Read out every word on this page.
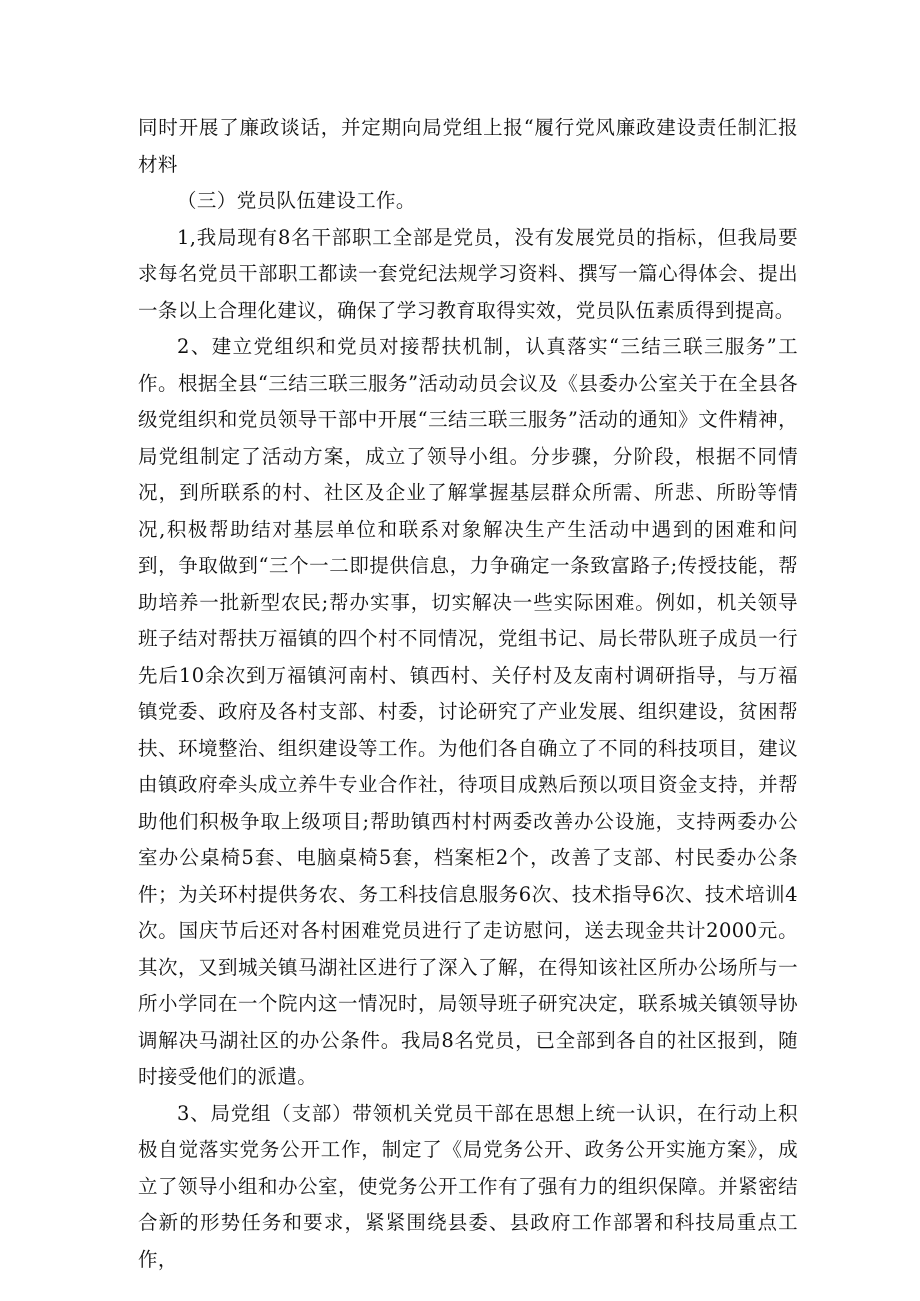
同时开展了廉政谈话，并定期向局党组上报“履行党风廉政建设责任制汇报材料

（三）党员队伍建设工作。

1,我局现有8名干部职工全部是党员，没有发展党员的指标，但我局要求每名党员干部职工都读一套党纪法规学习资料、撰写一篇心得体会、提出一条以上合理化建议，确保了学习教育取得实效，党员队伍素质得到提高。

2、建立党组织和党员对接帮扶机制，认真落实“三结三联三服务”工作。根据全县“三结三联三服务”活动动员会议及《县委办公室关于在全县各级党组织和党员领导干部中开展“三结三联三服务”活动的通知》文件精神，局党组制定了活动方案，成立了领导小组。分步骤，分阶段，根据不同情况，到所联系的村、社区及企业了解掌握基层群众所需、所悲、所盼等情况,积极帮助结对基层单位和联系对象解决生产生活动中遇到的困难和问到，争取做到“三个一二即提供信息，力争确定一条致富路子;传授技能，帮助培养一批新型农民;帮办实事，切实解决一些实际困难。例如，机关领导班子结对帮扶万福镇的四个村不同情况，党组书记、局长带队班子成员一行先后10余次到万福镇河南村、镇西村、关仔村及友南村调研指导，与万福镇党委、政府及各村支部、村委，讨论研究了产业发展、组织建设，贫困帮扶、环境整治、组织建设等工作。为他们各自确立了不同的科技项目，建议由镇政府牵头成立养牛专业合作社，待项目成熟后预以项目资金支持，并帮助他们积极争取上级项目;帮助镇西村村两委改善办公设施，支持两委办公室办公桌椅5套、电脑桌椅5套，档案柜2个，改善了支部、村民委办公条件；为关环村提供务农、务工科技信息服务6次、技术指导6次、技术培训4次。国庆节后还对各村困难党员进行了走访慰问，送去现金共计2000元。其次，又到城关镇马湖社区进行了深入了解，在得知该社区所办公场所与一所小学同在一个院内这一情况时，局领导班子研究决定，联系城关镇领导协调解决马湖社区的办公条件。我局8名党员，已全部到各自的社区报到，随时接受他们的派遣。

3、局党组（支部）带领机关党员干部在思想上统一认识，在行动上积极自觉落实党务公开工作，制定了《局党务公开、政务公开实施方案》，成立了领导小组和办公室，使党务公开工作有了强有力的组织保障。并紧密结合新的形势任务和要求，紧紧围绕县委、县政府工作部署和科技局重点工作，
